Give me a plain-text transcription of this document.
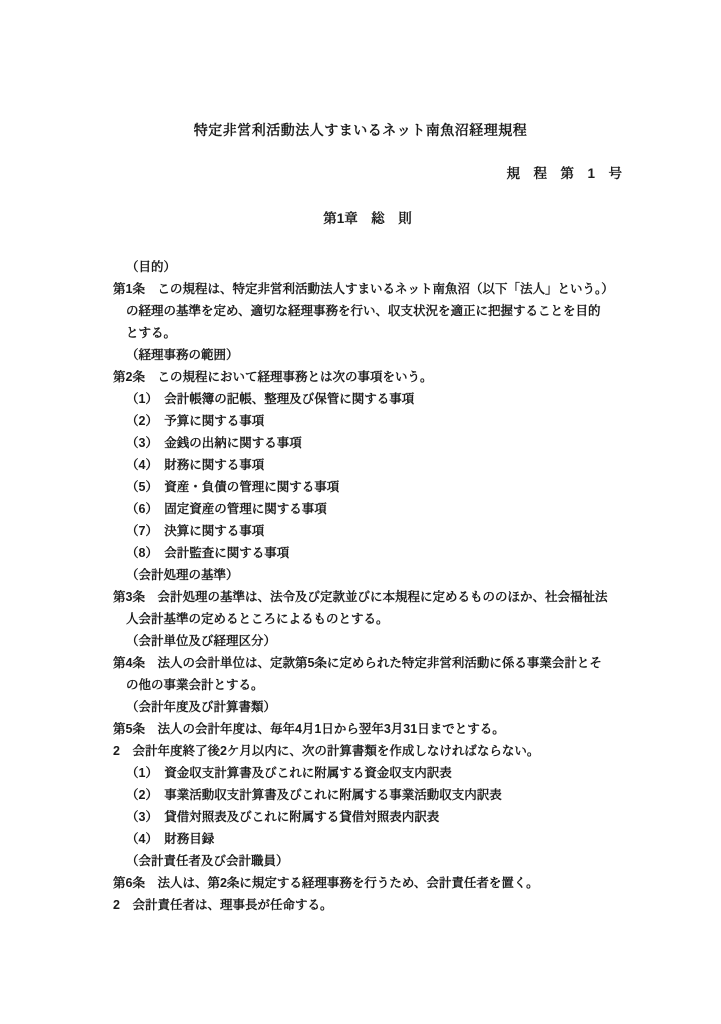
特定非営利活動法人すまいるネット南魚沼経理規程
規　程　第　1　号
第1章　総　則
（目的）
第1条　この規程は、特定非営利活動法人すまいるネット南魚沼（以下「法人」という。）
の経理の基準を定め、適切な経理事務を行い、収支状況を適正に把握することを目的
とする。
（経理事務の範囲）
第2条　この規程において経理事務とは次の事項をいう。
（1）　会計帳簿の記帳、整理及び保管に関する事項
（2）　予算に関する事項
（3）　金銭の出納に関する事項
（4）　財務に関する事項
（5）　資産・負債の管理に関する事項
（6）　固定資産の管理に関する事項
（7）　決算に関する事項
（8）　会計監査に関する事項
（会計処理の基準）
第3条　会計処理の基準は、法令及び定款並びに本規程に定めるもののほか、社会福祉法
人会計基準の定めるところによるものとする。
（会計単位及び経理区分）
第4条　法人の会計単位は、定款第5条に定められた特定非営利活動に係る事業会計とそ
の他の事業会計とする。
（会計年度及び計算書類）
第5条　法人の会計年度は、毎年4月1日から翌年3月31日までとする。
2　会計年度終了後2ケ月以内に、次の計算書類を作成しなければならない。
（1）　資金収支計算書及びこれに附属する資金収支内訳表
（2）　事業活動収支計算書及びこれに附属する事業活動収支内訳表
（3）　貸借対照表及びこれに附属する貸借対照表内訳表
（4）　財務目録
（会計責任者及び会計職員）
第6条　法人は、第2条に規定する経理事務を行うため、会計責任者を置く。
2　会計責任者は、理事長が任命する。
